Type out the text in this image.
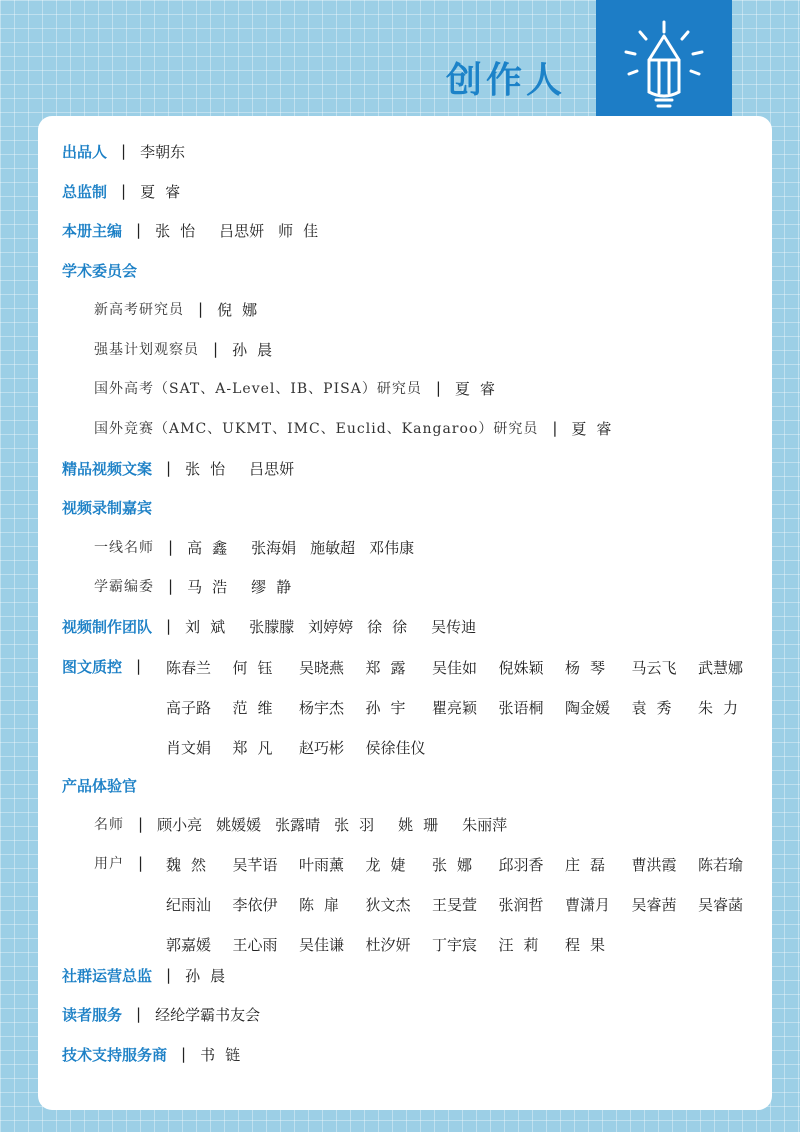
创作人
出品人 | 李朝东
总监制 | 夏睿
本册主编 | 张怡 吕思妍 师佳
学术委员会
新高考研究员 | 倪娜
强基计划观察员 | 孙晨
国外高考（SAT、A-Level、IB、PISA）研究员 | 夏睿
国外竞赛（AMC、UKMT、IMC、Euclid、Kangaroo）研究员 | 夏睿
精品视频文案 | 张怡 吕思妍
视频录制嘉宾
一线名师 | 高鑫 张海娟 施敏超 邓伟康
学霸编委 | 马浩 缪静
视频制作团队 | 刘斌 张朦朦 刘婷婷 徐徐 吴传迪
图文质控 | 陈春兰 何钰 吴晓燕 郑露 吴佳如 倪姝颖 杨琴 马云飞 武慧娜
高子路 范维 杨宇杰 孙宇 瞿亮颖 张语桐 陶金媛 袁秀 朱力
肖文娟 郑凡 赵巧彬 侯徐佳仪
产品体验官
名师 | 顾小亮 姚媛媛 张露晴 张羽 姚珊 朱丽萍
用户 | 魏然 吴芊语 叶雨薰 龙婕 张娜 邱羽香 庄磊 曹洪霞 陈若瑜
纪雨汕 李依伊 陈扉 狄文杰 王旻萱 张润哲 曹潇月 吴睿茜 吴睿菡
郭嘉媛 王心雨 吴佳谦 杜汐妍 丁宇宸 汪莉 程果
社群运营总监 | 孙晨
读者服务 | 经纶学霸书友会
技术支持服务商 | 书链
